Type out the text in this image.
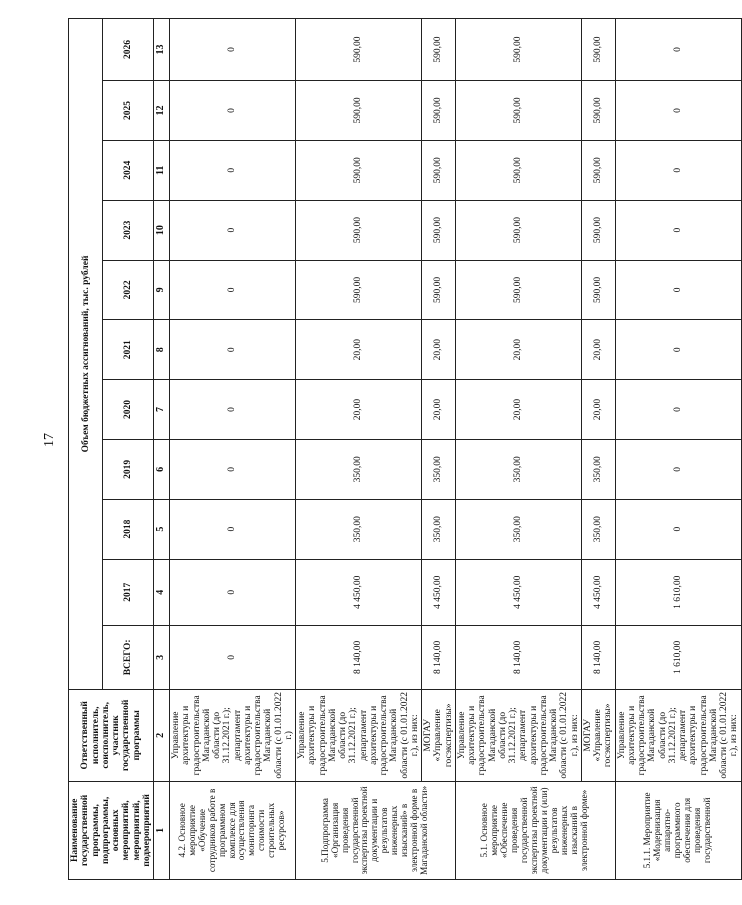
17
Наименование государственной программы, подпрограммы, основных мероприятий, мероприятий, подмероприятий	Ответственный исполнитель, соисполнитель, участник государственной программы	Объем бюджетных ассигнований, тыс. рублей										
		ВСЕГО:	2017	2018	2019	2020	2021	2022	2023	2024	2025	2026
1	2	3	4	5	6	7	8	9	10	11	12	13
4.2. Основное мероприятие «Обучение сотрудников работе в программном комплексе для осуществления мониторинга стоимости строительных ресурсов»	Управление архитектуры и градостроительства Магаданской области (до 31.12.2021 г.); департамент архитектуры и градостроительства Магаданской области (с 01.01.2022 г.)	0	0	0	0	0	0	0	0	0	0	0
5.Подпрограмма «Организация проведения государственной экспертизы проектной документации и результатов инженерных изысканий» в электронной форме в Магаданской области»	Управление архитектуры и градостроительства Магаданской области (до 31.12.2021 г.); департамент архитектуры и градостроительства Магаданской области (с 01.01.2022 г.), из них:	8 140,00	4 450,00	350,00	350,00	20,00	20,00	590,00	590,00	590,00	590,00	590,00
	МОГАУ «Управление госэкспертизы»	8 140,00	4 450,00	350,00	350,00	20,00	20,00	590,00	590,00	590,00	590,00	590,00
5.1. Основное мероприятие «Обеспечение проведения государственной экспертизы проектной документации и (или) результатов инженерных изысканий в электронной форме»	Управление архитектуры и градостроительства Магаданской области (до 31.12.2021 г.); департамент архитектуры и градостроительства Магаданской области (с 01.01.2022 г.), из них:	8 140,00	4 450,00	350,00	350,00	20,00	20,00	590,00	590,00	590,00	590,00	590,00
	МОГАУ «Управление госэкспертизы»	8 140,00	4 450,00	350,00	350,00	20,00	20,00	590,00	590,00	590,00	590,00	590,00
5.1.1. Мероприятие «Модернизация аппаратно-программного обеспечения для проведения государственной	Управление архитектуры и градостроительства Магаданской области (до 31.12.2021 г.); департамент архитектуры и градостроительства Магаданской области (с 01.01.2022 г.), из них:	1 610,00	1 610,00	0	0	0	0	0	0	0	0	0
